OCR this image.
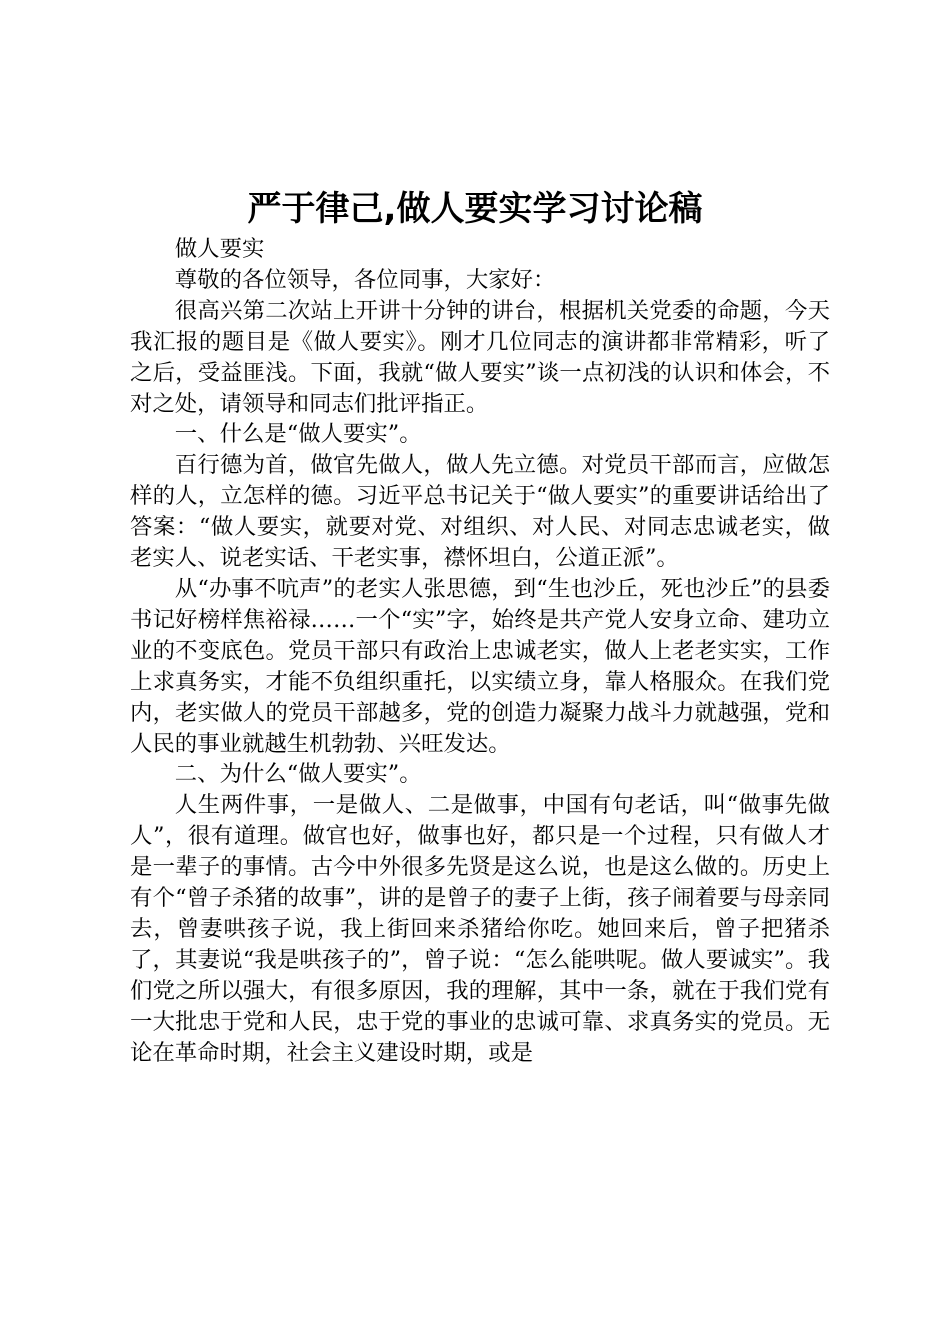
严于律己,做人要实学习讨论稿

做人要实

尊敬的各位领导，各位同事，大家好：

很高兴第二次站上开讲十分钟的讲台，根据机关党委的命题，今天我汇报的题目是《做人要实》。刚才几位同志的演讲都非常精彩，听了之后，受益匪浅。下面，我就“做人要实”谈一点初浅的认识和体会，不对之处，请领导和同志们批评指正。

一、什么是“做人要实”。

百行德为首，做官先做人，做人先立德。对党员干部而言，应做怎样的人，立怎样的德。习近平总书记关于“做人要实”的重要讲话给出了答案：“做人要实，就要对党、对组织、对人民、对同志忠诚老实，做老实人、说老实话、干老实事，襟怀坦白，公道正派”。

从“办事不吭声”的老实人张思德，到“生也沙丘，死也沙丘”的县委书记好榜样焦裕禄……一个“实”字，始终是共产党人安身立命、建功立业的不变底色。党员干部只有政治上忠诚老实，做人上老老实实，工作上求真务实，才能不负组织重托，以实绩立身，靠人格服众。在我们党内，老实做人的党员干部越多，党的创造力凝聚力战斗力就越强，党和人民的事业就越生机勃勃、兴旺发达。

二、为什么“做人要实”。

人生两件事，一是做人、二是做事，中国有句老话，叫“做事先做人”，很有道理。做官也好，做事也好，都只是一个过程，只有做人才是一辈子的事情。古今中外很多先贤是这么说，也是这么做的。历史上有个“曾子杀猪的故事”，讲的是曾子的妻子上街，孩子闹着要与母亲同去，曾妻哄孩子说，我上街回来杀猪给你吃。她回来后，曾子把猪杀了，其妻说“我是哄孩子的”，曾子说：“怎么能哄呢。做人要诚实”。我们党之所以强大，有很多原因，我的理解，其中一条，就在于我们党有一大批忠于党和人民，忠于党的事业的忠诚可靠、求真务实的党员。无论在革命时期，社会主义建设时期，或是
